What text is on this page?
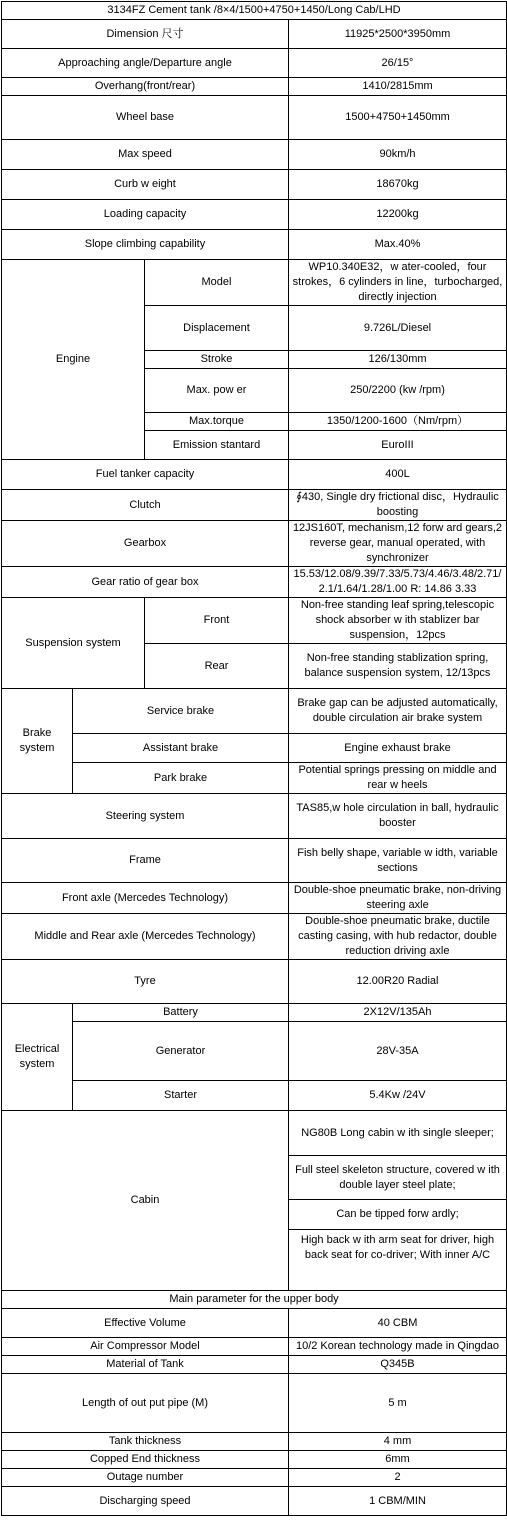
3134FZ Cement tank /8×4/1500+4750+1450/Long Cab/LHD			
Dimension 尺寸			11925*2500*3950mm
Approaching angle/Departure angle			26/15°
Overhang(front/rear)			1410/2815mm
Wheel base			1500+4750+1450mm
Max speed			90km/h
Curb w eight			18670kg
Loading capacity			12200kg
Slope climbing capability			Max.40%
Engine		Model	WP10.340E32，w ater-cooled，four strokes，6 cylinders in line，turbocharged, directly injection
		Displacement	9.726L/Diesel
		Stroke	126/130mm
		Max. pow er	250/2200 (kw /rpm)
		Max.torque	1350/1200-1600（Nm/rpm）
		Emission stantard	EuroIII
Fuel tanker capacity			400L
Clutch			∮430, Single dry frictional disc，Hydraulic boosting
Gearbox			12JS160T, mechanism,12 forw ard gears,2 reverse gear, manual operated, with synchronizer
Gear ratio of gear box			15.53/12.08/9.39/7.33/5.73/4.46/3.48/2.71/2.1/1.64/1.28/1.00 R: 14.86 3.33
Suspension system		Front	Non-free standing leaf spring,telescopic shock absorber w ith stablizer bar suspension，12pcs
		Rear	Non-free standing stablization spring, balance suspension system, 12/13pcs
Brake system	Service brake		Brake gap can be adjusted automatically, double circulation air brake system
	Assistant brake		Engine exhaust brake
	Park brake		Potential springs pressing on middle and rear w heels
Steering system			TAS85,w hole circulation in ball, hydraulic booster
Frame			Fish belly shape, variable w idth, variable sections
Front axle (Mercedes Technology)			Double-shoe pneumatic brake, non-driving steering axle
Middle and Rear axle (Mercedes Technology)			Double-shoe pneumatic brake, ductile casting casing, with hub redactor, double reduction driving axle
Tyre			12.00R20 Radial
Electrical system	Battery		2X12V/135Ah
	Generator		28V-35A
	Starter		5.4Kw /24V
Cabin			NG80B Long cabin w ith single sleeper;
			Full steel skeleton structure, covered w ith double layer steel plate;
			Can be tipped forw ardly;
			High back w ith arm seat for driver, high back seat for co-driver; With inner A/C
Main parameter for the upper body			
Effective Volume			40 CBM
Air Compressor Model			10/2 Korean technology made in Qingdao
Material of Tank			Q345B
Length of out put pipe (M)			5 m
Tank thickness			4 mm
Copped End thickness			6mm
Outage number			2
Discharging speed			1 CBM/MIN
